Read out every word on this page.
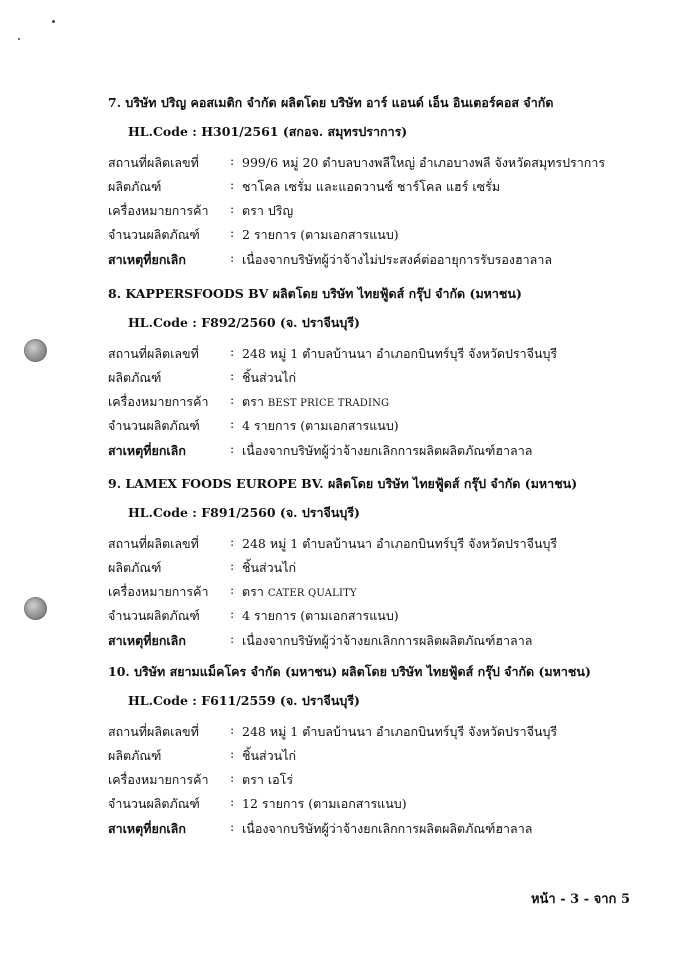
7. บริษัท ปริญ คอสเมติก จำกัด ผลิตโดย บริษัท อาร์ แอนด์ เอ็น อินเตอร์คอส จำกัด
HL.Code : H301/2561 (สกอจ. สมุทรปราการ)
สถานที่ผลิตเลขที่ : 999/6 หมู่ 20 ตำบลบางพลีใหญ่ อำเภอบางพลี จังหวัดสมุทรปราการ
ผลิตภัณฑ์	: ชาโคล เซรั่ม และแอดวานซ์ ชาร์โคล แฮร์ เซรั่ม
เครื่องหมายการค้า : ตรา ปริญ
จำนวนผลิตภัณฑ์ : 2 รายการ (ตามเอกสารแนบ)
สาเหตุที่ยกเลิก	: เนื่องจากบริษัทผู้ว่าจ้างไม่ประสงค์ต่ออายุการรับรองฮาลาล
8. KAPPERSFOODS BV ผลิตโดย บริษัท ไทยฟู้ดส์ กรุ๊ป จำกัด (มหาชน)
HL.Code : F892/2560 (จ. ปราจีนบุรี)
สถานที่ผลิตเลขที่ : 248 หมู่ 1 ตำบลบ้านนา อำเภอกบินทร์บุรี จังหวัดปราจีนบุรี
ผลิตภัณฑ์	: ชิ้นส่วนไก่
เครื่องหมายการค้า : ตรา BEST PRICE TRADING
จำนวนผลิตภัณฑ์ : 4 รายการ (ตามเอกสารแนบ)
สาเหตุที่ยกเลิก	: เนื่องจากบริษัทผู้ว่าจ้างยกเลิกการผลิตผลิตภัณฑ์ฮาลาล
9. LAMEX FOODS EUROPE BV. ผลิตโดย บริษัท ไทยฟู้ดส์ กรุ๊ป จำกัด (มหาชน)
HL.Code : F891/2560 (จ. ปราจีนบุรี)
สถานที่ผลิตเลขที่ : 248 หมู่ 1 ตำบลบ้านนา อำเภอกบินทร์บุรี จังหวัดปราจีนบุรี
ผลิตภัณฑ์	: ชิ้นส่วนไก่
เครื่องหมายการค้า : ตรา CATER QUALITY
จำนวนผลิตภัณฑ์ : 4 รายการ (ตามเอกสารแนบ)
สาเหตุที่ยกเลิก	: เนื่องจากบริษัทผู้ว่าจ้างยกเลิกการผลิตผลิตภัณฑ์ฮาลาล
10. บริษัท สยามแม็คโคร จำกัด (มหาชน) ผลิตโดย บริษัท ไทยฟู้ดส์ กรุ๊ป จำกัด (มหาชน)
HL.Code : F611/2559 (จ. ปราจีนบุรี)
สถานที่ผลิตเลขที่ : 248 หมู่ 1 ตำบลบ้านนา อำเภอกบินทร์บุรี จังหวัดปราจีนบุรี
ผลิตภัณฑ์	: ชิ้นส่วนไก่
เครื่องหมายการค้า : ตรา เอโร่
จำนวนผลิตภัณฑ์ : 12 รายการ (ตามเอกสารแนบ)
สาเหตุที่ยกเลิก	: เนื่องจากบริษัทผู้ว่าจ้างยกเลิกการผลิตผลิตภัณฑ์ฮาลาล
หน้า - 3 - จาก 5
